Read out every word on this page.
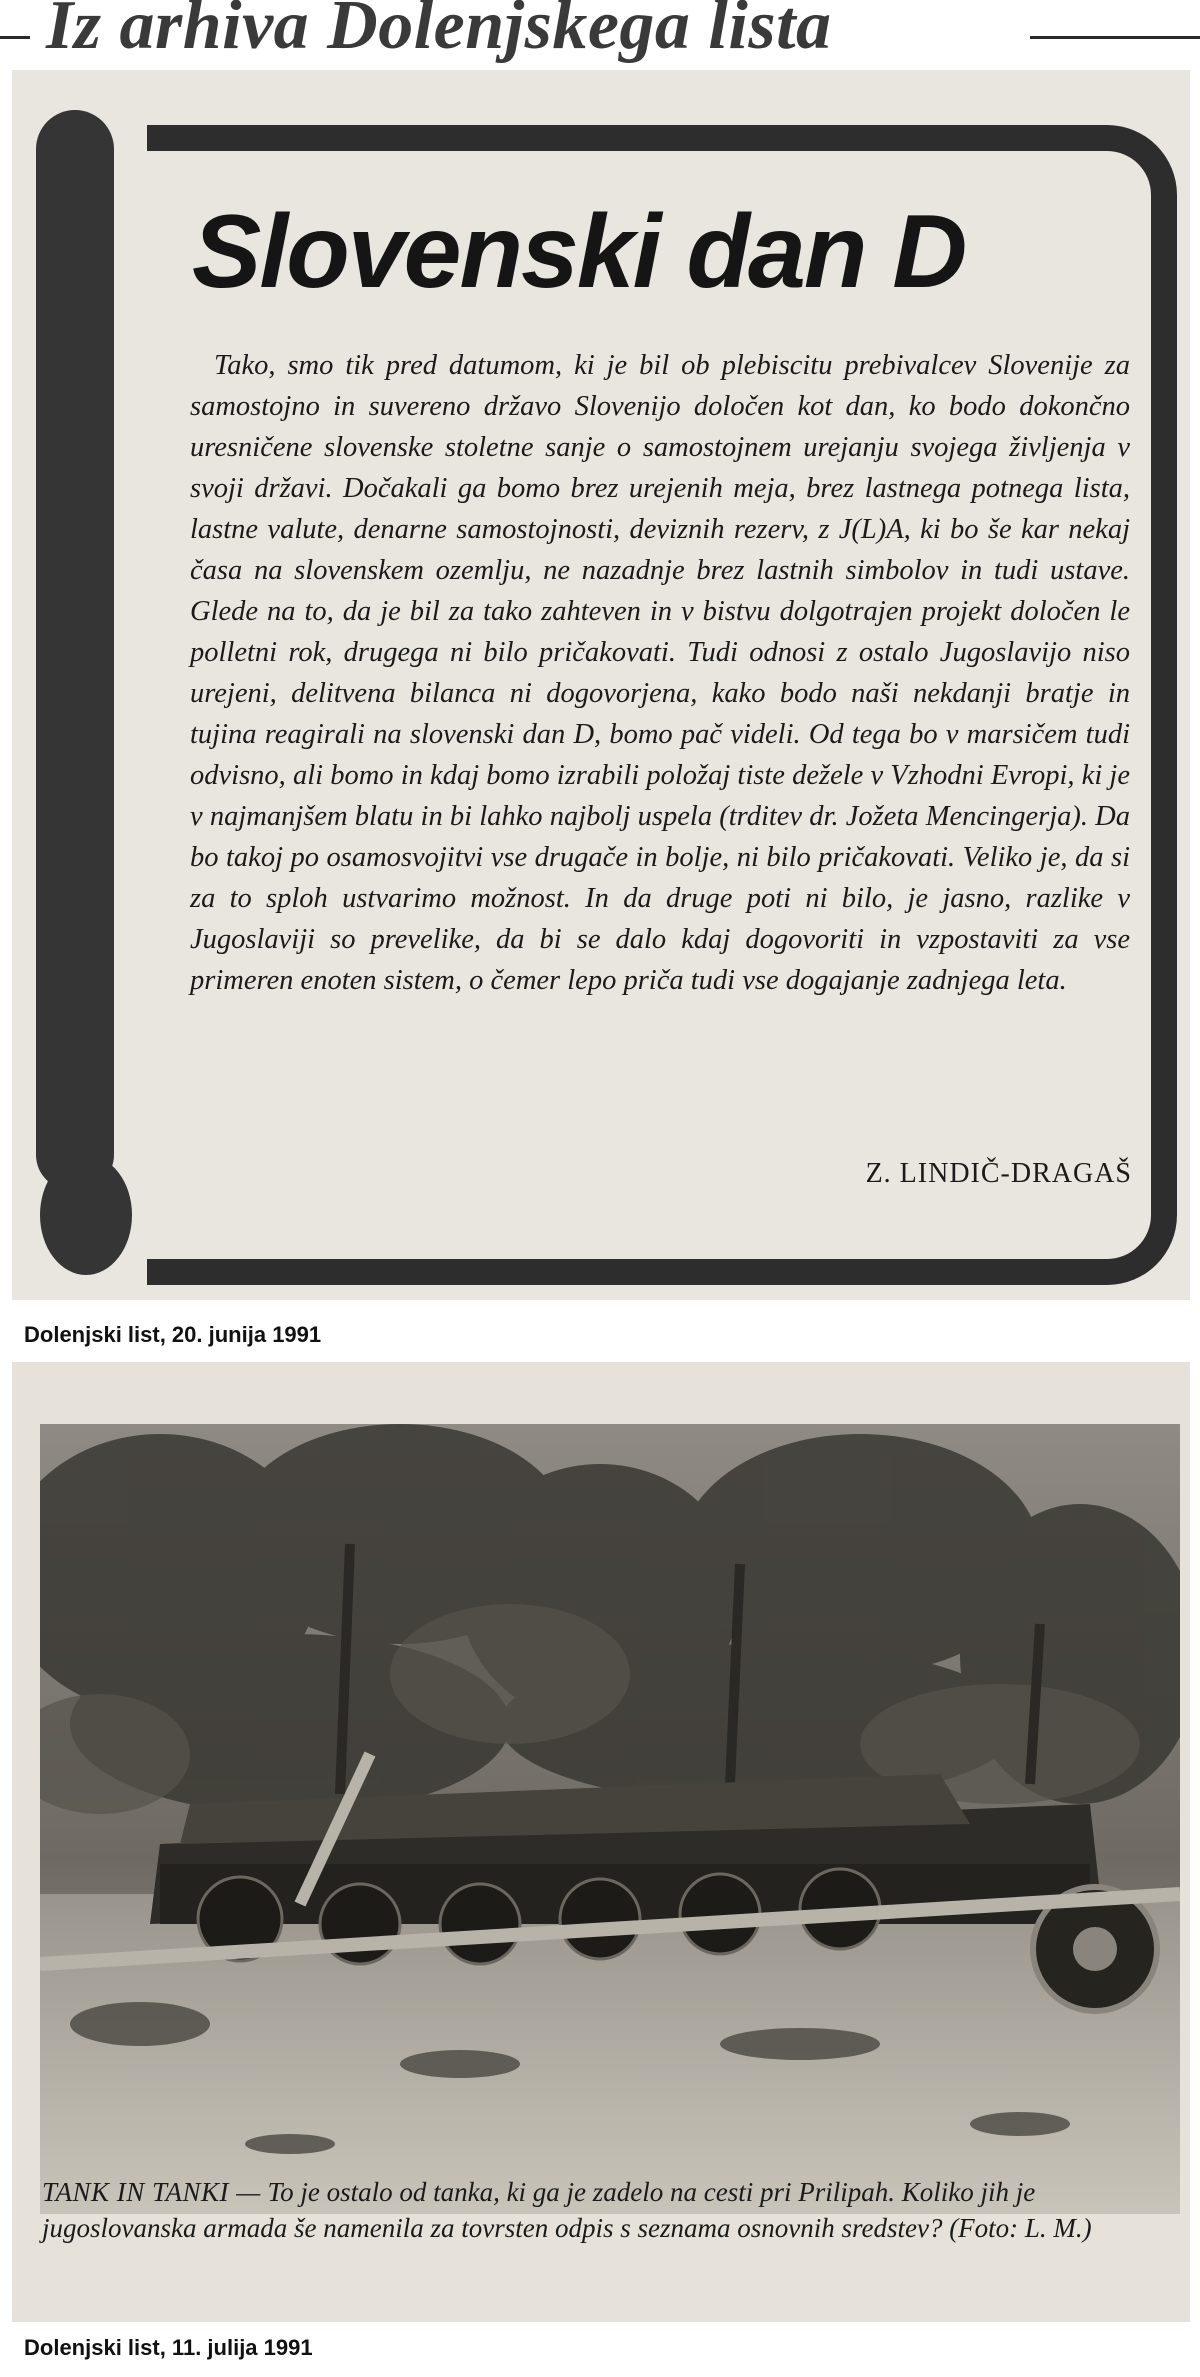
Iz arhiva Dolenjskega lista
Slovenski dan D
Tako, smo tik pred datumom, ki je bil ob plebiscitu prebivalcev Slovenije za samostojno in suvereno državo Slovenijo določen kot dan, ko bodo dokončno uresničene slovenske stoletne sanje o samostojnem urejanju svojega življenja v svoji državi. Dočakali ga bomo brez urejenih meja, brez lastnega potnega lista, lastne valute, denarne samostojnosti, deviznih rezerv, z J(L)A, ki bo še kar nekaj časa na slovenskem ozemlju, ne nazadnje brez lastnih simbolov in tudi ustave. Glede na to, da je bil za tako zahteven in v bistvu dolgotrajen projekt določen le polletni rok, drugega ni bilo pričakovati. Tudi odnosi z ostalo Jugoslavijo niso urejeni, delitvena bilanca ni dogovorjena, kako bodo naši nekdanji bratje in tujina reagirali na slovenski dan D, bomo pač videli. Od tega bo v marsičem tudi odvisno, ali bomo in kdaj bomo izrabili položaj tiste dežele v Vzhodni Evropi, ki je v najmanjšem blatu in bi lahko najbolj uspela (trditev dr. Jožeta Mencingerja). Da bo takoj po osamosvojitvi vse drugače in bolje, ni bilo pričakovati. Veliko je, da si za to sploh ustvarimo možnost. In da druge poti ni bilo, je jasno, razlike v Jugoslaviji so prevelike, da bi se dalo kdaj dogovoriti in vzpostaviti za vse primeren enoten sistem, o čemer lepo priča tudi vse dogajanje zadnjega leta.
Z. LINDIČ-DRAGAŠ
Dolenjski list, 20. junija 1991
TANK IN TANKI — To je ostalo od tanka, ki ga je zadelo na cesti pri Prilipah. Koliko jih je jugoslovanska armada še namenila za tovrsten odpis s seznama osnovnih sredstev? (Foto: L. M.)
Dolenjski list, 11. julija 1991
